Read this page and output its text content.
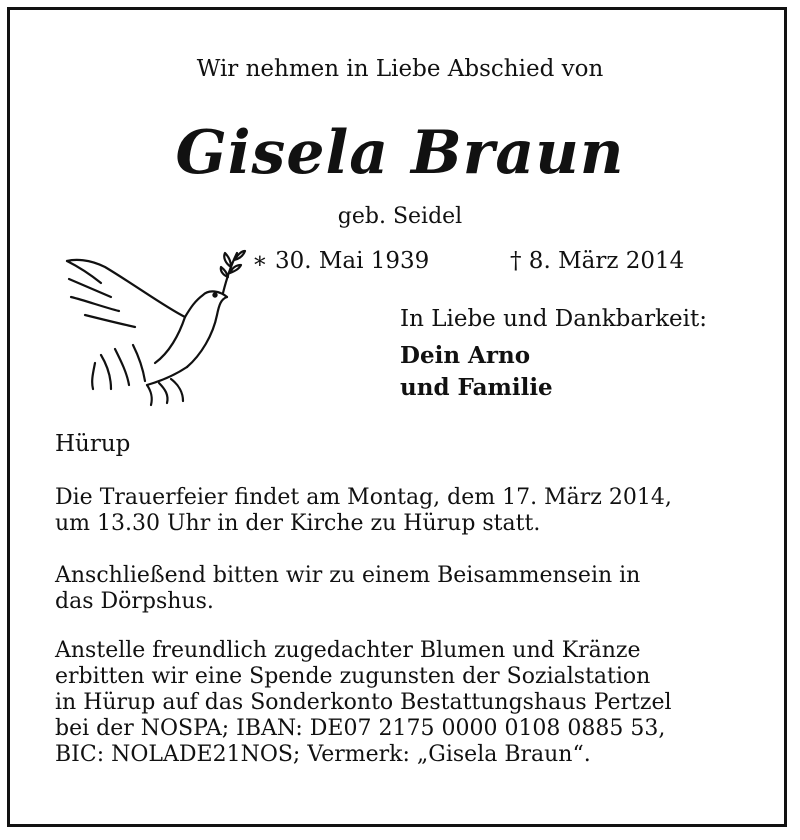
Wir nehmen in Liebe Abschied von
Gisela Braun
geb. Seidel
∗ 30. Mai 1939	† 8. März 2014
In Liebe und Dankbarkeit:
Dein Arno
und Familie
Hürup
Die Trauerfeier findet am Montag, dem 17. März 2014,
um 13.30 Uhr in der Kirche zu Hürup statt.
Anschließend bitten wir zu einem Beisammensein in
das Dörpshus.
Anstelle freundlich zugedachter Blumen und Kränze
erbitten wir eine Spende zugunsten der Sozialstation
in Hürup auf das Sonderkonto Bestattungshaus Pertzel
bei der NOSPA; IBAN: DE07 2175 0000 0108 0885 53,
BIC: NOLADE21NOS; Vermerk: „Gisela Braun“.
